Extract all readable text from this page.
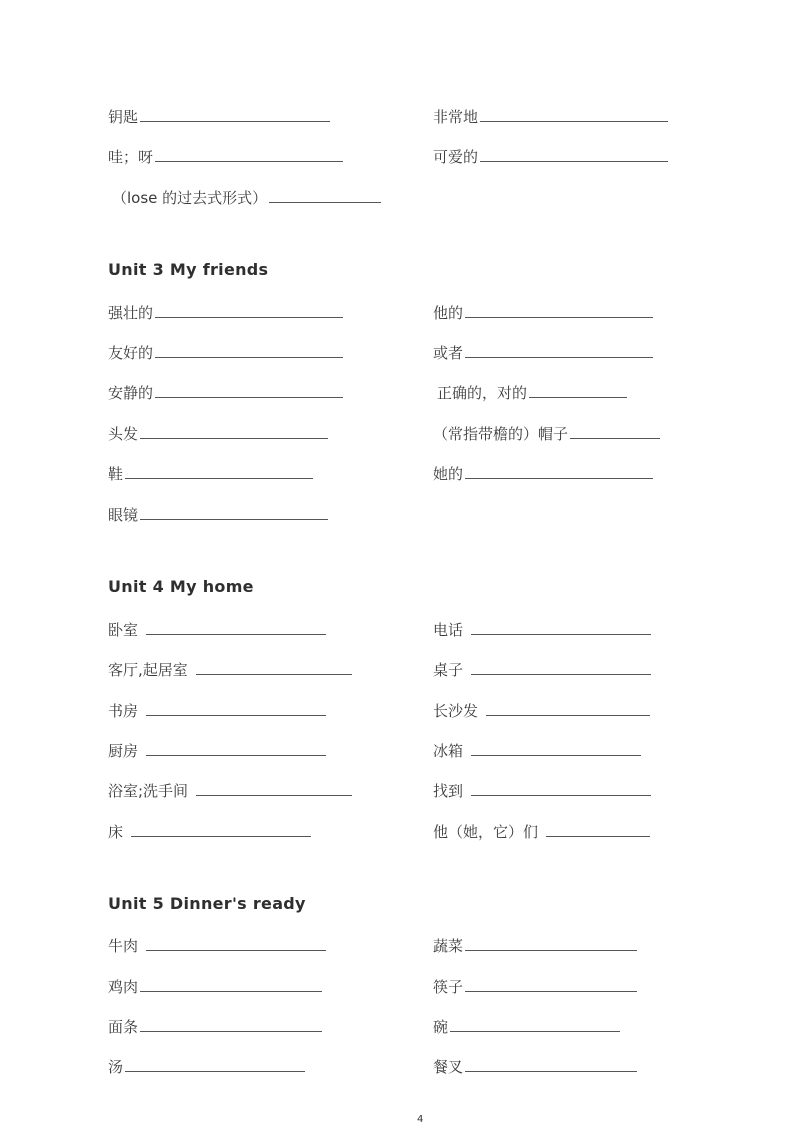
钥匙	非常地
哇；呀	可爱的
（lose 的过去式形式）
Unit 3 My friends
强壮的	他的
友好的	或者
安静的	正确的，对的
头发	（常指带檐的）帽子
鞋	她的
眼镜
Unit 4 My home
卧室	电话
客厅,起居室	桌子
书房	长沙发
厨房	冰箱
浴室;洗手间	找到
床	他（她，它）们
Unit 5 Dinner's ready
牛肉	蔬菜
鸡肉	筷子
面条	碗
汤	餐叉
4
